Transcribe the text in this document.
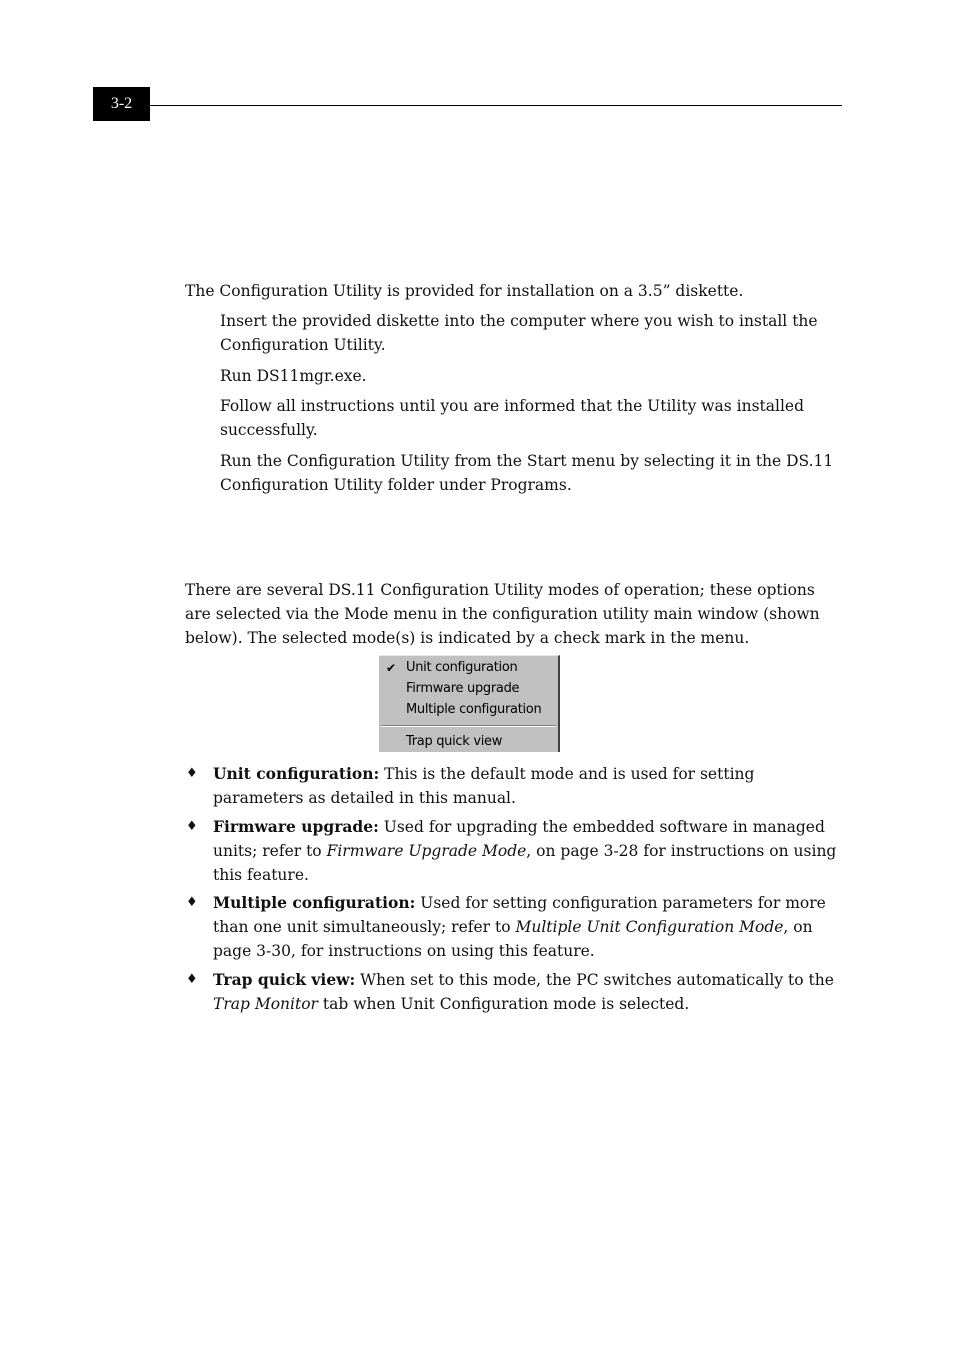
3-2
The Configuration Utility is provided for installation on a 3.5” diskette.
Insert the provided diskette into the computer where you wish to install the Configuration Utility.
Run DS11mgr.exe.
Follow all instructions until you are informed that the Utility was installed successfully.
Run the Configuration Utility from the Start menu by selecting it in the DS.11 Configuration Utility folder under Programs.
There are several DS.11 Configuration Utility modes of operation; these options are selected via the Mode menu in the configuration utility main window (shown below). The selected mode(s) is indicated by a check mark in the menu.
✔ Unit configuration
Firmware upgrade
Multiple configuration
Trap quick view
♦ Unit configuration: This is the default mode and is used for setting parameters as detailed in this manual.
♦ Firmware upgrade: Used for upgrading the embedded software in managed units; refer to Firmware Upgrade Mode, on page 3-28 for instructions on using this feature.
♦ Multiple configuration: Used for setting configuration parameters for more than one unit simultaneously; refer to Multiple Unit Configuration Mode, on page 3-30, for instructions on using this feature.
♦ Trap quick view: When set to this mode, the PC switches automatically to the Trap Monitor tab when Unit Configuration mode is selected.
